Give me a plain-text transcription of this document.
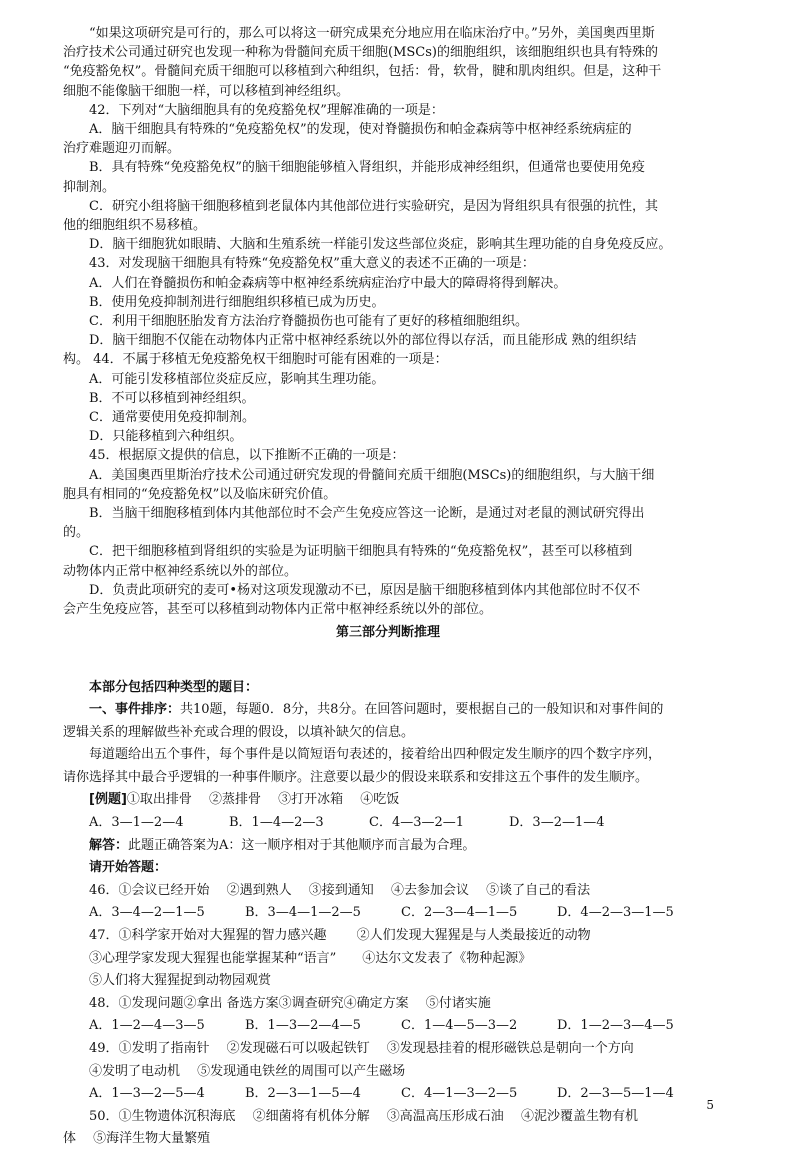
“如果这项研究是可行的，那么可以将这一研究成果充分地应用在临床治疗中。”另外，美国奥西里斯

治疗技术公司通过研究也发现一种称为骨髓间充质干细胞(MSCs)的细胞组织，该细胞组织也具有特殊的

“免疫豁免权”。骨髓间充质干细胞可以移植到六种组织，包括：骨，软骨，腱和肌肉组织。但是，这种干

细胞不能像脑干细胞一样，可以移植到神经组织。

42．下列对“大脑细胞具有的免疫豁免权”理解准确的一项是：

A．脑干细胞具有特殊的“免疫豁免权”的发现，使对脊髓损伤和帕金森病等中枢神经系统病症的

治疗难题迎刃而解。

B．具有特殊“免疫豁免权”的脑干细胞能够植入肾组织，并能形成神经组织，但通常也要使用免疫

抑制剂。

C．研究小组将脑干细胞移植到老鼠体内其他部位进行实验研究，是因为肾组织具有很强的抗性，其

他的细胞组织不易移植。

D．脑干细胞犹如眼睛、大脑和生殖系统一样能引发这些部位炎症，影响其生理功能的自身免疫反应。

43．对发现脑干细胞具有特殊“免疫豁免权”重大意义的表述不正确的一项是：

A．人们在脊髓损伤和帕金森病等中枢神经系统病症治疗中最大的障碍将得到解决。

B．使用免疫抑制剂进行细胞组织移植已成为历史。

C．利用干细胞胚胎发育方法治疗脊髓损伤也可能有了更好的移植细胞组织。

D．脑干细胞不仅能在动物体内正常中枢神经系统以外的部位得以存活，而且能形成 熟的组织结

构。 44．不属于移植无免疫豁免权干细胞时可能有困难的一项是：

A．可能引发移植部位炎症反应，影响其生理功能。

B．不可以移植到神经组织。

C．通常要使用免疫抑制剂。

D．只能移植到六种组织。

45．根据原文提供的信息，以下推断不正确的一项是：

A．美国奥西里斯治疗技术公司通过研究发现的骨髓间充质干细胞(MSCs)的细胞组织，与大脑干细

胞具有相同的“免疫豁免权”以及临床研究价值。

B．当脑干细胞移植到体内其他部位时不会产生免疫应答这一论断，是通过对老鼠的测试研究得出

的。

C．把干细胞移植到肾组织的实验是为证明脑干细胞具有特殊的“免疫豁免权”，甚至可以移植到

动物体内正常中枢神经系统以外的部位。

D．负责此项研究的麦可•杨对这项发现激动不已，原因是脑干细胞移植到体内其他部位时不仅不

会产生免疫应答，甚至可以移植到动物体内正常中枢神经系统以外的部位。

第三部分判断推理

本部分包括四种类型的题目：

一、事件排序：共10题，每题0．8分，共8分。在回答问题时，要根据自己的一般知识和对事件间的

逻辑关系的理解做些补充或合理的假设，以填补缺欠的信息。

每道题给出五个事件，每个事件是以简短语句表述的，接着给出四种假定发生顺序的四个数字序列，

请你选择其中最合乎逻辑的一种事件顺序。注意要以最少的假设来联系和安排这五个事件的发生顺序。

[例题]①取出排骨　 ②蒸排骨　 ③打开冰箱　 ④吃饭

A．3—1—2—4	B．1—4—2—3	C．4—3—2—1	D．3—2—1—4

解答：此题正确答案为A：这一顺序相对于其他顺序而言最为合理。

请开始答题：

46．①会议已经开始　 ②遇到熟人　 ③接到通知　 ④去参加会议　 ⑤谈了自己的看法

A．3—4—2—1—5	B．3—4—1—2—5	C．2—3—4—1—5	D．4—2—3—1—5

47．①科学家开始对大猩猩的智力感兴趣　　 ②人们发现大猩猩是与人类最接近的动物

③心理学家发现大猩猩也能掌握某种“语言”　　④达尔文发表了《物种起源》

⑤人们将大猩猩捉到动物园观赏

48．①发现问题②拿出 备选方案③调查研究④确定方案　 ⑤付诸实施

A．1—2—4—3—5	B．1—3—2—4—5	C．1—4—5—3—2	D．1—2—3—4—5

49．①发明了指南针　 ②发现磁石可以吸起铁钉　 ③发现悬挂着的棍形磁铁总是朝向一个方向

④发明了电动机　 ⑤发现通电铁丝的周围可以产生磁场

A．1—3—2—5—4	B．2—3—1—5—4	C．4—1—3—2—5	D．2—3—5—1—4

50．①生物遗体沉积海底　 ②细菌将有机体分解　 ③高温高压形成石油　 ④泥沙覆盖生物有机

体　 ⑤海洋生物大量繁殖

5
